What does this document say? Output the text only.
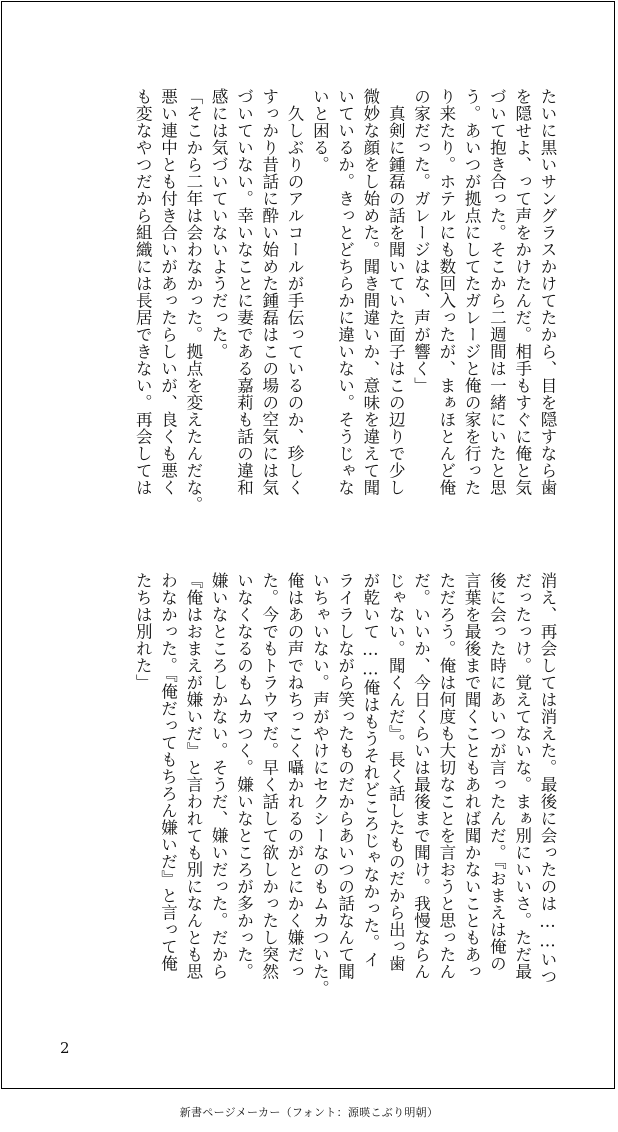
たいに黒いサングラスかけてたから、目を隠すなら歯
を隠せよ、って声をかけたんだ。相手もすぐに俺と気
づいて抱き合った。そこから二週間は一緒にいたと思
う。あいつが拠点にしてたガレージと俺の家を行った
り来たり。ホテルにも数回入ったが、まぁほとんど俺
の家だった。ガレージはな、声が響く」
　真剣に鍾磊の話を聞いていた面子はこの辺りで少し
微妙な顔をし始めた。聞き間違いか、意味を違えて聞
いているか。きっとどちらかに違いない。そうじゃな
いと困る。
　久しぶりのアルコールが手伝っているのか、珍しく
すっかり昔話に酔い始めた鍾磊はこの場の空気には気
づいていない。幸いなことに妻である嘉莉も話の違和
感には気づいていないようだった。
「そこから二年は会わなかった。拠点を変えたんだな。
悪い連中とも付き合いがあったらしいが、良くも悪く
も変なやつだから組織には長居できない。再会しては
消え、再会しては消えた。最後に会ったのは……いつ
だったっけ。覚えてないな。まぁ別にいいさ。ただ最
後に会った時にあいつが言ったんだ。『おまえは俺の
言葉を最後まで聞くこともあれば聞かないこともあっ
ただろう。俺は何度も大切なことを言おうと思ったん
だ。いいか、今日くらいは最後まで聞け。我慢ならん
じゃない。聞くんだ』。長く話したものだから出っ歯
が乾いて……俺はもうそれどころじゃなかった。イ
ライラしながら笑ったものだからあいつの話なんて聞
いちゃいない。声がやけにセクシーなのもムカついた。
俺はあの声でねちっこく囁かれるのがとにかく嫌だっ
た。今でもトラウマだ。早く話して欲しかったし突然
いなくなるのもムカつく。嫌いなところが多かった。
嫌いなところしかない。そうだ、嫌いだった。だから
『俺はおまえが嫌いだ』と言われても別になんとも思
わなかった。『俺だってもちろん嫌いだ』と言って俺
たちは別れた」
2
新書ページメーカー（フォント：源暎こぶり明朝）
